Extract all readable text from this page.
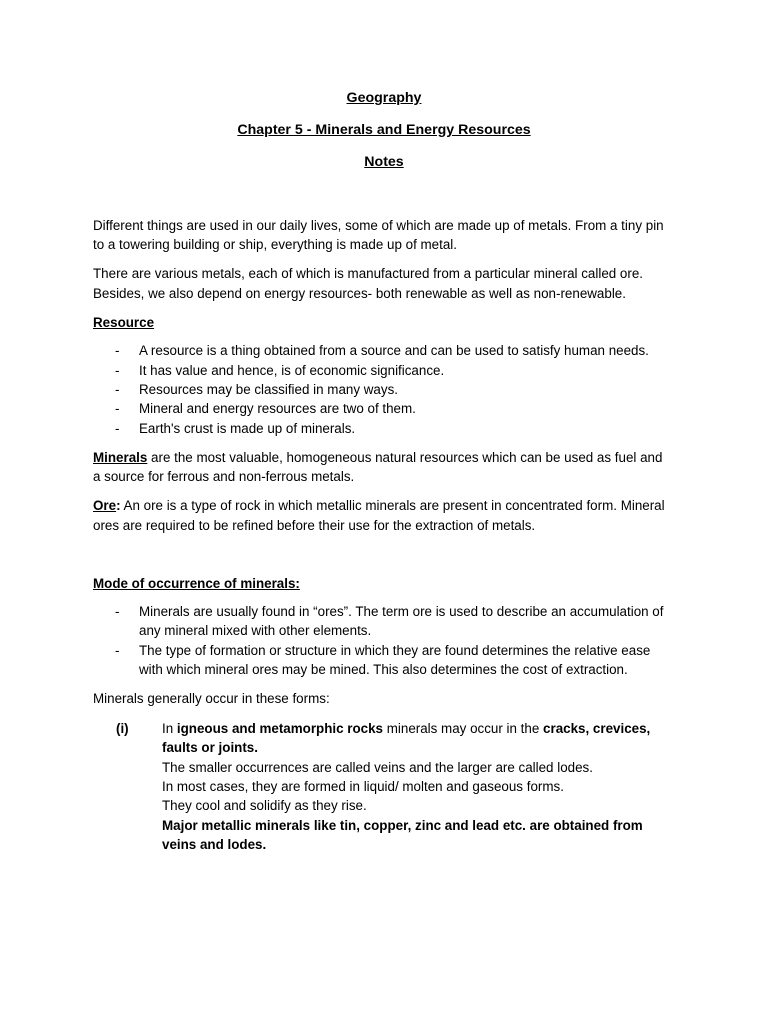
Geography
Chapter 5 - Minerals and Energy Resources
Notes

Different things are used in our daily lives, some of which are made up of metals. From a tiny pin to a towering building or ship, everything is made up of metal.

There are various metals, each of which is manufactured from a particular mineral called ore. Besides, we also depend on energy resources- both renewable as well as non-renewable.

Resource
- A resource is a thing obtained from a source and can be used to satisfy human needs.
- It has value and hence, is of economic significance.
- Resources may be classified in many ways.
- Mineral and energy resources are two of them.
- Earth's crust is made up of minerals.

Minerals are the most valuable, homogeneous natural resources which can be used as fuel and a source for ferrous and non-ferrous metals.

Ore: An ore is a type of rock in which metallic minerals are present in concentrated form. Mineral ores are required to be refined before their use for the extraction of metals.

Mode of occurrence of minerals:
- Minerals are usually found in “ores”. The term ore is used to describe an accumulation of any mineral mixed with other elements.
- The type of formation or structure in which they are found determines the relative ease with which mineral ores may be mined. This also determines the cost of extraction.

Minerals generally occur in these forms:

(i) In igneous and metamorphic rocks minerals may occur in the cracks, crevices, faults or joints.
The smaller occurrences are called veins and the larger are called lodes.
In most cases, they are formed in liquid/ molten and gaseous forms.
They cool and solidify as they rise.
Major metallic minerals like tin, copper, zinc and lead etc. are obtained from veins and lodes.
